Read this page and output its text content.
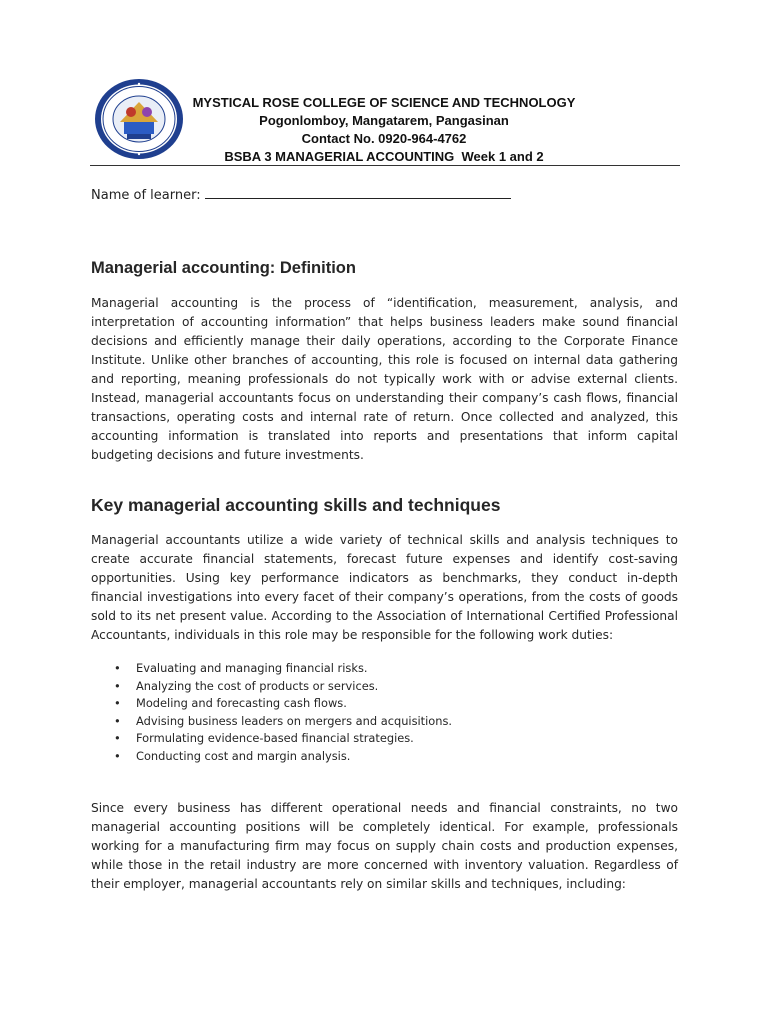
MYSTICAL ROSE COLLEGE OF SCIENCE AND TECHNOLOGY
Pogonlomboy, Mangatarem, Pangasinan
Contact No. 0920-964-4762
BSBA 3 MANAGERIAL ACCOUNTING  Week 1 and 2
Name of learner:
Managerial accounting: Definition

Managerial accounting is the process of “identification, measurement, analysis, and interpretation of accounting information” that helps business leaders make sound financial decisions and efficiently manage their daily operations, according to the Corporate Finance Institute. Unlike other branches of accounting, this role is focused on internal data gathering and reporting, meaning professionals do not typically work with or advise external clients. Instead, managerial accountants focus on understanding their company’s cash flows, financial transactions, operating costs and internal rate of return. Once collected and analyzed, this accounting information is translated into reports and presentations that inform capital budgeting decisions and future investments.

Key managerial accounting skills and techniques

Managerial accountants utilize a wide variety of technical skills and analysis techniques to create accurate financial statements, forecast future expenses and identify cost-saving opportunities. Using key performance indicators as benchmarks, they conduct in-depth financial investigations into every facet of their company’s operations, from the costs of goods sold to its net present value. According to the Association of International Certified Professional Accountants, individuals in this role may be responsible for the following work duties:

• Evaluating and managing financial risks.
• Analyzing the cost of products or services.
• Modeling and forecasting cash flows.
• Advising business leaders on mergers and acquisitions.
• Formulating evidence-based financial strategies.
• Conducting cost and margin analysis.

Since every business has different operational needs and financial constraints, no two managerial accounting positions will be completely identical. For example, professionals working for a manufacturing firm may focus on supply chain costs and production expenses, while those in the retail industry are more concerned with inventory valuation. Regardless of their employer, managerial accountants rely on similar skills and techniques, including:
